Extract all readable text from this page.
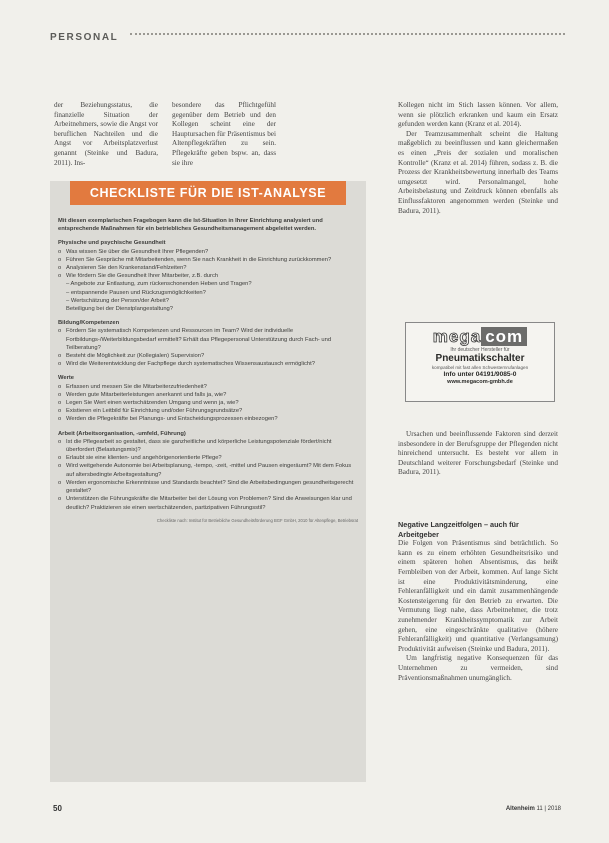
PERSONAL

der Beziehungsstatus, die finanzielle Situation der Arbeitnehmers, sowie die Angst vor beruflichen Nachteilen und die Angst vor Arbeitsplatzverlust genannt (Steinke und Badura, 2011). Ins-

besondere das Pflichtgefühl gegenüber dem Betrieb und den Kollegen scheint eine der Hauptursachen für Präsentismus bei Altenpflegekräften zu sein. Pflegekräfte geben bspw. an, dass sie ihre

Kollegen nicht im Stich lassen können. Vor allem, wenn sie plötzlich erkranken und kaum ein Ersatz gefunden werden kann (Kranz et al. 2014).

Der Teamzusammenhalt scheint die Haltung maßgeblich zu beeinflussen und kann gleichermaßen es einen „Preis der sozialen und moralischen Kontrolle“ (Kranz et al. 2014) führen, sodass z. B. die Prozess der Krankheitsbewertung innerhalb des Teams umgesetzt wird. Personalmangel, hohe Arbeitsbelastung und Zeitdruck können ebenfalls als Einflussfaktoren angenommen werden (Steinke und Badura, 2011).

CHECKLISTE FÜR DIE IST-ANALYSE
Mit diesen exemplarischen Fragebogen kann die Ist-Situation in Ihrer Einrichtung analysiert und entsprechende Maßnahmen für ein betriebliches Gesundheitsmanagement abgeleitet werden.
Physische und psychische Gesundheit
o Was wissen Sie über die Gesundheit Ihrer Pflegenden?
o Führen Sie Gespräche mit Mitarbeitenden, wenn Sie nach Krankheit in die Einrichtung zurückkommen?
o Analysieren Sie den Krankenstand/Fehlzeiten?
o Wie fördern Sie die Gesundheit Ihrer Mitarbeiter, z.B. durch
– Angebote zur Entlastung, zum rückenschonenden Heben und Tragen?
– entspannende Pausen und Rückzugsmöglichkeiten?
– Wertschätzung der Person/der Arbeit?
Beteiligung bei der Dienstplangestaltung?
Bildung/Kompetenzen
o Fördern Sie systematisch Kompetenzen und Ressourcen im Team? Wird der individuelle Fortbildungs-/Weiterbildungsbedarf ermittelt? Erhält das Pflegepersonal Unterstützung durch Fach- und Teilberatung?
o Besteht die Möglichkeit zur (Kollegialen) Supervision?
o Wird die Weiterentwicklung der Fachpflege durch systematisches Wissensaustausch ermöglicht?
Werte
o Erfassen und messen Sie die Mitarbeiterzufriedenheit?
o Werden gute Mitarbeiterleistungen anerkannt und falls ja, wie?
o Legen Sie Wert einen wertschätzenden Umgang und wenn ja, wie?
o Existieren ein Leitbild für Einrichtung und/oder Führungsgrundsätze?
o Werden die Pflegekräfte bei Planungs- und Entscheidungsprozessen einbezogen?
Arbeit (Arbeitsorganisation, -umfeld, Führung)
o Ist die Pflegearbeit so gestaltet, dass sie ganzheitliche und körperliche Leistungspotenziale fördert/nicht überfordert (Belastungsmix)?
o Erlaubt sie eine klienten- und angehörigenorientierte Pflege?
o Wird weitgehende Autonomie bei Arbeitsplanung, -tempo, -zeit, -mittel und Pausen eingeräumt? Mit dem Fokus auf altersbedingte Arbeitsgestaltung?
o Werden ergonomische Erkenntnisse und Standards beachtet? Sind die Arbeitsbedingungen gesundheitsgerecht gestaltet?
o Unterstützen die Führungskräfte die Mitarbeiter bei der Lösung von Problemen? Sind die Anweisungen klar und deutlich? Praktizieren sie einen wertschätzenden, partizipativen Führungsstil?
Checkliste nach: Institut für Betriebliche Gesundheitsförderung BGF GmbH, 2010 für Altenpflege, Betriebsrat
mega com
Ihr deutscher Hersteller für
Pneumatikschalter
kompatibel mit fast allen Schwesternrufanlagen
Info unter 04191/9085-0
www.megacom-gmbh.de

Ursachen und beeinflussende Faktoren sind derzeit insbesondere in der Berufsgruppe der Pflegenden nicht hinreichend untersucht. Es besteht vor allem in Deutschland weiterer Forschungsbedarf (Steinke und Badura, 2011).

Negative Langzeitfolgen – auch für Arbeitgeber

Die Folgen von Präsentismus sind beträchtlich. So kann es zu einem erhöhten Gesundheitsrisiko und einem späteren hohen Absentismus, das heißt Fernbleiben von der Arbeit, kommen. Auf lange Sicht ist eine Produktivitätsminderung, eine Fehleranfälligkeit und ein damit zusammenhängende Kostensteigerung für den Betrieb zu erwarten. Die Vermutung liegt nahe, dass Arbeitnehmer, die trotz zunehmender Krankheitssymptomatik zur Arbeit gehen, eine eingeschränkte qualitative (höhere Fehleranfälligkeit) und quantitative (Verlangsamung) Produktivität aufweisen (Steinke und Badura, 2011).

Um langfristig negative Konsequenzen für das Unternehmen zu vermeiden, sind Präventionsmaßnahmen unumgänglich.

50	Altenheim 11 | 2018
